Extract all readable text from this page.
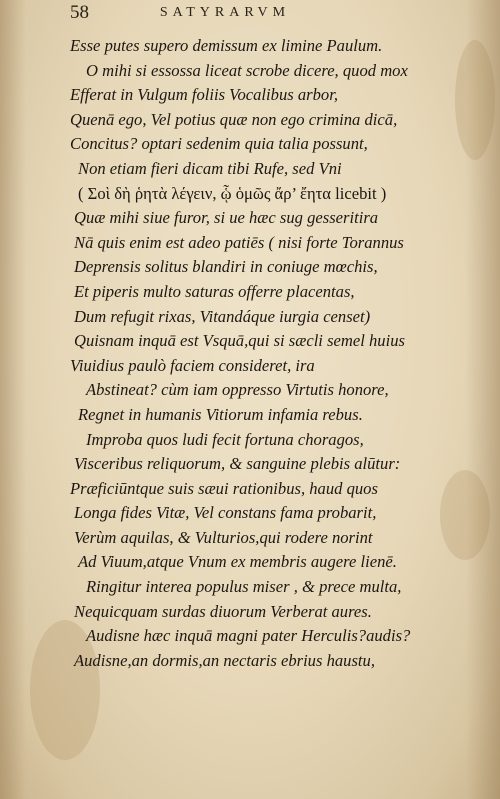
58	SATYRARVM

Esse putes supero demissum ex limine Paulum.

O mihi si essossa liceat scrobe dicere, quod mox

Efferat in Vulgum foliis Vocalibus arbor,

Quenā ego, Vel potius quæ non ego crimina dicā,

Concitus? optari sedenim quia talia possunt,

Non etiam fieri dicam tibi Rufe, sed Vni

( Σοὶ δὴ ῥητὰ λέγειν, ᾧ ὁμῶς ἄρ’ ἔητα licebit )

Quæ mihi siue furor, si ue hæc sug gesseritira

Nā quis enim est adeo patiēs ( nisi forte Torannus

Deprensis solitus blandiri in coniuge mœchis,

Et piperis multo saturas offerre placentas,

Dum refugit rixas, Vitandáque iurgia censet)

Quisnam inquā est Vsquā,qui si sæcli semel huius

Viuidius paulò faciem consideret, ira

Abstineat? cùm iam oppresso Virtutis honore,

Regnet in humanis Vitiorum infamia rebus.

Improba quos ludi fecit fortuna choragos,

Visceribus reliquorum, & sanguine plebis alūtur:

Præficiūntque suis sæui rationibus, haud quos

Longa fides Vitæ, Vel constans fama probarit,

Verùm aquilas, & Vulturios,qui rodere norint

Ad Viuum,atque Vnum ex membris augere lienē.

Ringitur interea populus miser , & prece multa,

Nequicquam surdas diuorum Verberat aures.

Audisne hæc inquā magni pater Herculis?audis?

Audisne,an dormis,an nectaris ebrius haustu,
